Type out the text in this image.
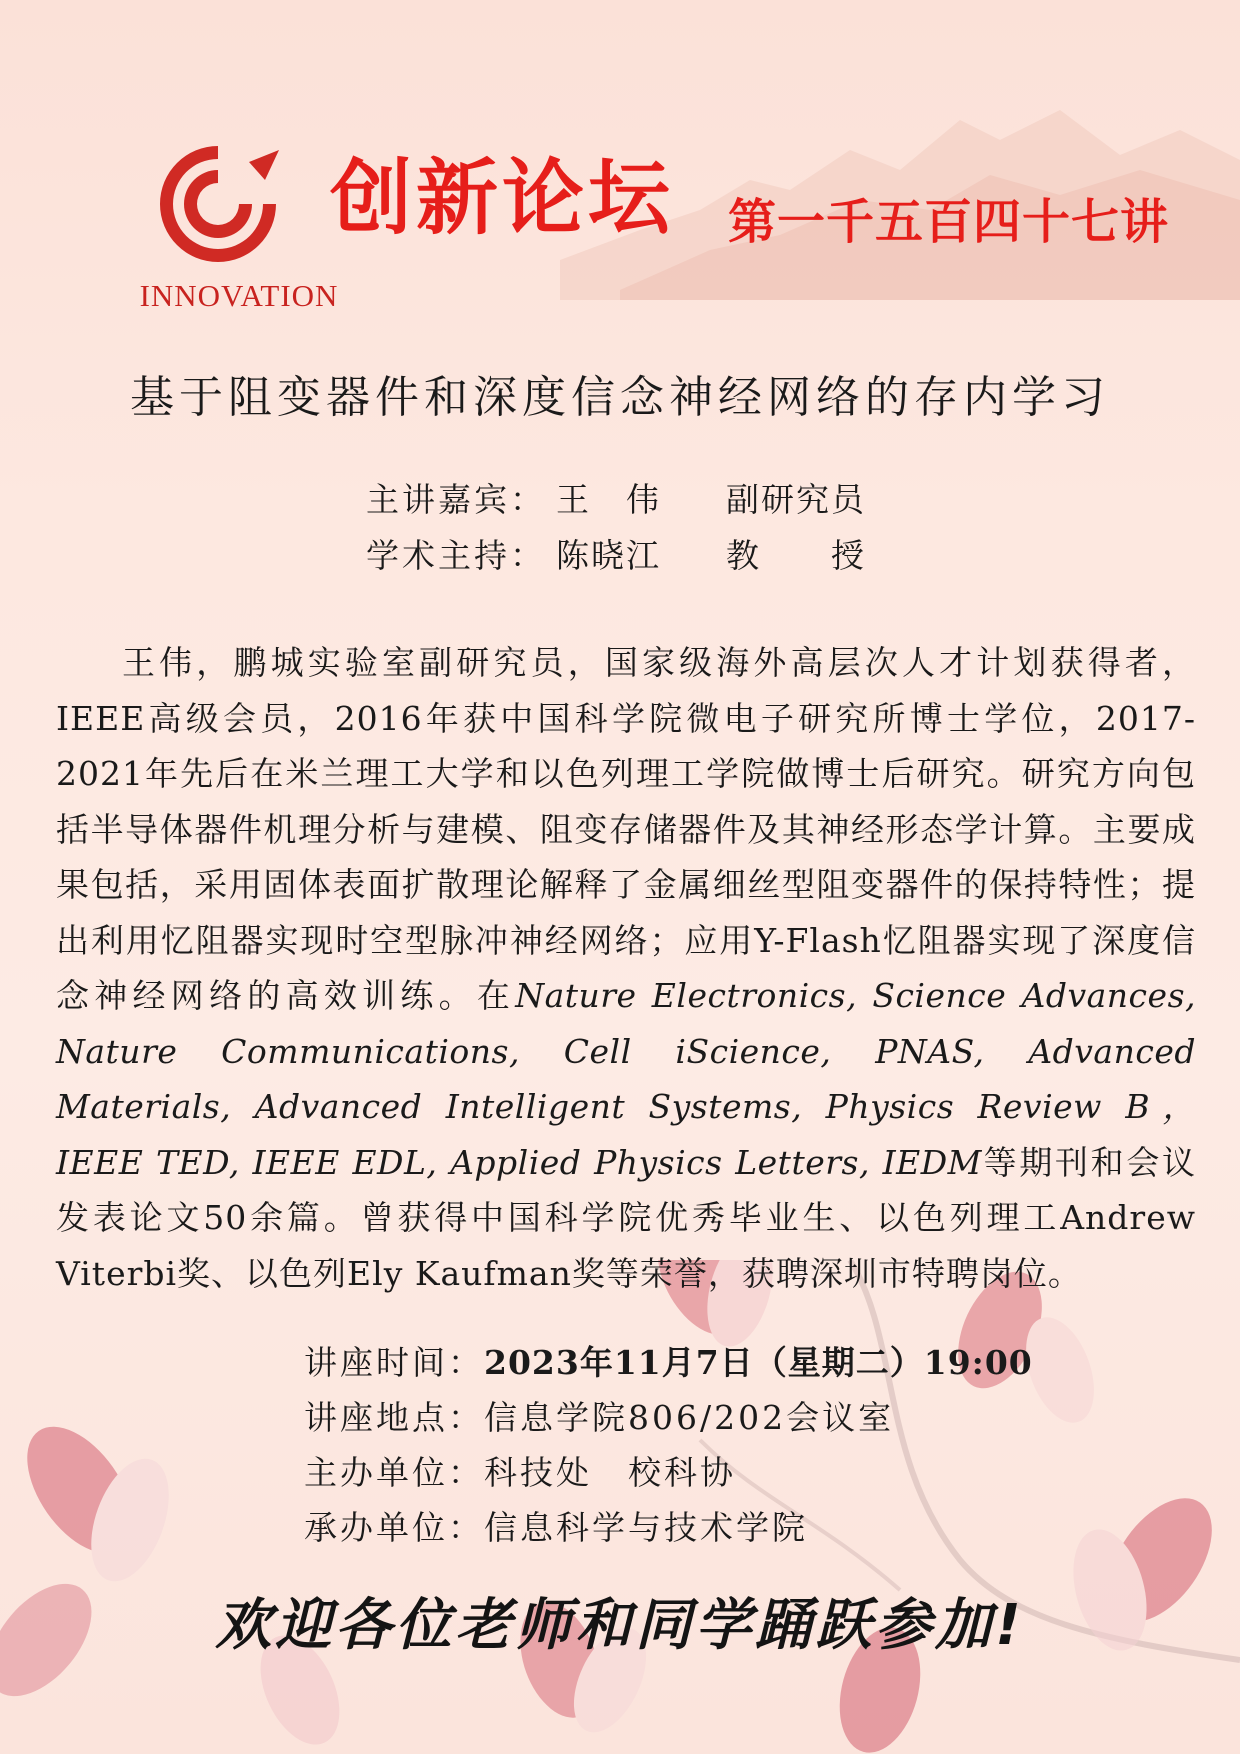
INNOVATION
创新论坛 第一千五百四十七讲
基于阻变器件和深度信念神经网络的存内学习
主讲嘉宾： 王　伟 副研究员
学术主持： 陈晓江 教　　授

王伟，鹏城实验室副研究员，国家级海外高层次人才计划获得者，IEEE高级会员，2016年获中国科学院微电子研究所博士学位，2017-2021年先后在米兰理工大学和以色列理工学院做博士后研究。研究方向包括半导体器件机理分析与建模、阻变存储器件及其神经形态学计算。主要成果包括，采用固体表面扩散理论解释了金属细丝型阻变器件的保持特性；提出利用忆阻器实现时空型脉冲神经网络；应用Y-Flash忆阻器实现了深度信念神经网络的高效训练。在Nature Electronics, Science Advances, Nature Communications, Cell iScience, PNAS, Advanced Materials, Advanced Intelligent Systems, Physics Review B，IEEE TED, IEEE EDL, Applied Physics Letters, IEDM等期刊和会议发表论文50余篇。曾获得中国科学院优秀毕业生、以色列理工Andrew Viterbi奖、以色列Ely Kaufman奖等荣誉，获聘深圳市特聘岗位。

讲座时间：2023年11月7日（星期二）19:00
讲座地点：信息学院806/202会议室
主办单位：科技处　校科协
承办单位：信息科学与技术学院
欢迎各位老师和同学踊跃参加!
